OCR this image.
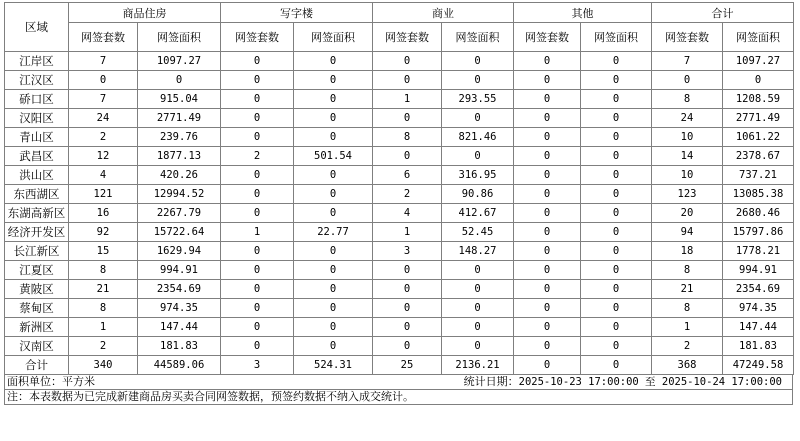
区域	商品住房		写字楼		商业		其他		合计	
	网签套数	网签面积	网签套数	网签面积	网签套数	网签面积	网签套数	网签面积	网签套数	网签面积
江岸区	7	1097.27	0	0	0	0	0	0	7	1097.27
江汉区	0	0	0	0	0	0	0	0	0	0
硚口区	7	915.04	0	0	1	293.55	0	0	8	1208.59
汉阳区	24	2771.49	0	0	0	0	0	0	24	2771.49
青山区	2	239.76	0	0	8	821.46	0	0	10	1061.22
武昌区	12	1877.13	2	501.54	0	0	0	0	14	2378.67
洪山区	4	420.26	0	0	6	316.95	0	0	10	737.21
东西湖区	121	12994.52	0	0	2	90.86	0	0	123	13085.38
东湖高新区	16	2267.79	0	0	4	412.67	0	0	20	2680.46
经济开发区	92	15722.64	1	22.77	1	52.45	0	0	94	15797.86
长江新区	15	1629.94	0	0	3	148.27	0	0	18	1778.21
江夏区	8	994.91	0	0	0	0	0	0	8	994.91
黄陂区	21	2354.69	0	0	0	0	0	0	21	2354.69
蔡甸区	8	974.35	0	0	0	0	0	0	8	974.35
新洲区	1	147.44	0	0	0	0	0	0	1	147.44
汉南区	2	181.83	0	0	0	0	0	0	2	181.83
合计	340	44589.06	3	524.31	25	2136.21	0	0	368	47249.58
面积单位：平方米	统计日期：2025-10-23 17:00:00 至 2025-10-24 17:00:00
注：本表数据为已完成新建商品房买卖合同网签数据，预签约数据不纳入成交统计。
